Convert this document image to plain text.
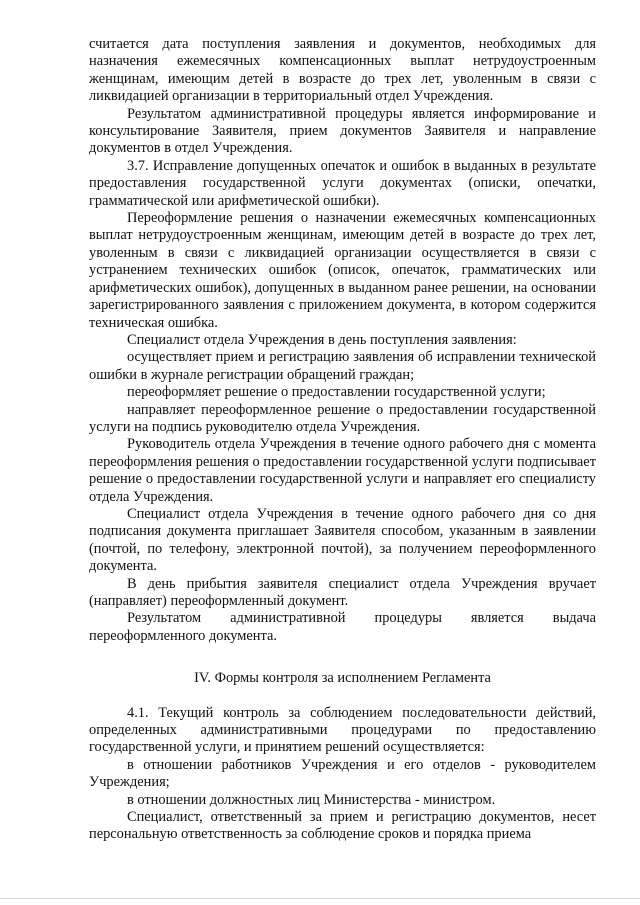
считается дата поступления заявления и документов, необходимых для назначения ежемесячных компенсационных выплат нетрудоустроенным женщинам, имеющим детей в возрасте до трех лет, уволенным в связи с ликвидацией организации в территориальный отдел Учреждения.

Результатом административной процедуры является информирование и консультирование Заявителя, прием документов Заявителя и направление документов в отдел Учреждения.

3.7. Исправление допущенных опечаток и ошибок в выданных в результате предоставления государственной услуги документах (описки, опечатки, грамматической или арифметической ошибки).

Переоформление решения о назначении ежемесячных компенсационных выплат нетрудоустроенным женщинам, имеющим детей в возрасте до трех лет, уволенным в связи с ликвидацией организации осуществляется в связи с устранением технических ошибок (описок, опечаток, грамматических или арифметических ошибок), допущенных в выданном ранее решении, на основании зарегистрированного заявления с приложением документа, в котором содержится техническая ошибка.

Специалист отдела Учреждения в день поступления заявления:

осуществляет прием и регистрацию заявления об исправлении технической ошибки в журнале регистрации обращений граждан;

переоформляет решение о предоставлении государственной услуги;

направляет переоформленное решение о предоставлении государственной услуги на подпись руководителю отдела Учреждения.

Руководитель отдела Учреждения в течение одного рабочего дня с момента переоформления решения о предоставлении государственной услуги подписывает решение о предоставлении государственной услуги и направляет его специалисту отдела Учреждения.

Специалист отдела Учреждения в течение одного рабочего дня со дня подписания документа приглашает Заявителя способом, указанным в заявлении (почтой, по телефону, электронной почтой), за получением переоформленного документа.

В день прибытия заявителя специалист отдела Учреждения вручает (направляет) переоформленный документ.

Результатом административной процедуры является выдача переоформленного документа.

IV. Формы контроля за исполнением Регламента

4.1. Текущий контроль за соблюдением последовательности действий, определенных административными процедурами по предоставлению государственной услуги, и принятием решений осуществляется:

в отношении работников Учреждения и его отделов - руководителем Учреждения;

в отношении должностных лиц Министерства - министром.

Специалист, ответственный за прием и регистрацию документов, несет персональную ответственность за соблюдение сроков и порядка приема
